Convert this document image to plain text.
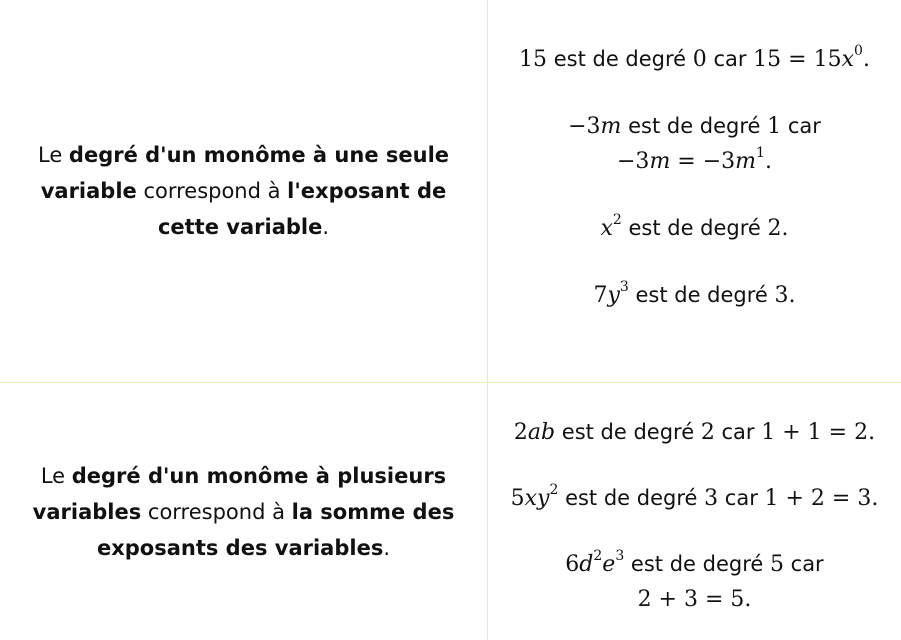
Le degré d'un monôme à une seule variable correspond à l'exposant de cette variable.
15 est de degré 0 car $15 = 15x^0$.
−3m est de degré 1 car
$-3m = -3m^1$.
$x^2$ est de degré 2.
$7y^3$ est de degré 3.
Le degré d'un monôme à plusieurs variables correspond à la somme des exposants des variables.
2ab est de degré 2 car 1 + 1 = 2.
$5xy^2$ est de degré 3 car 1 + 2 = 3.
$6d^2e^3$ est de degré 5 car
2 + 3 = 5.
